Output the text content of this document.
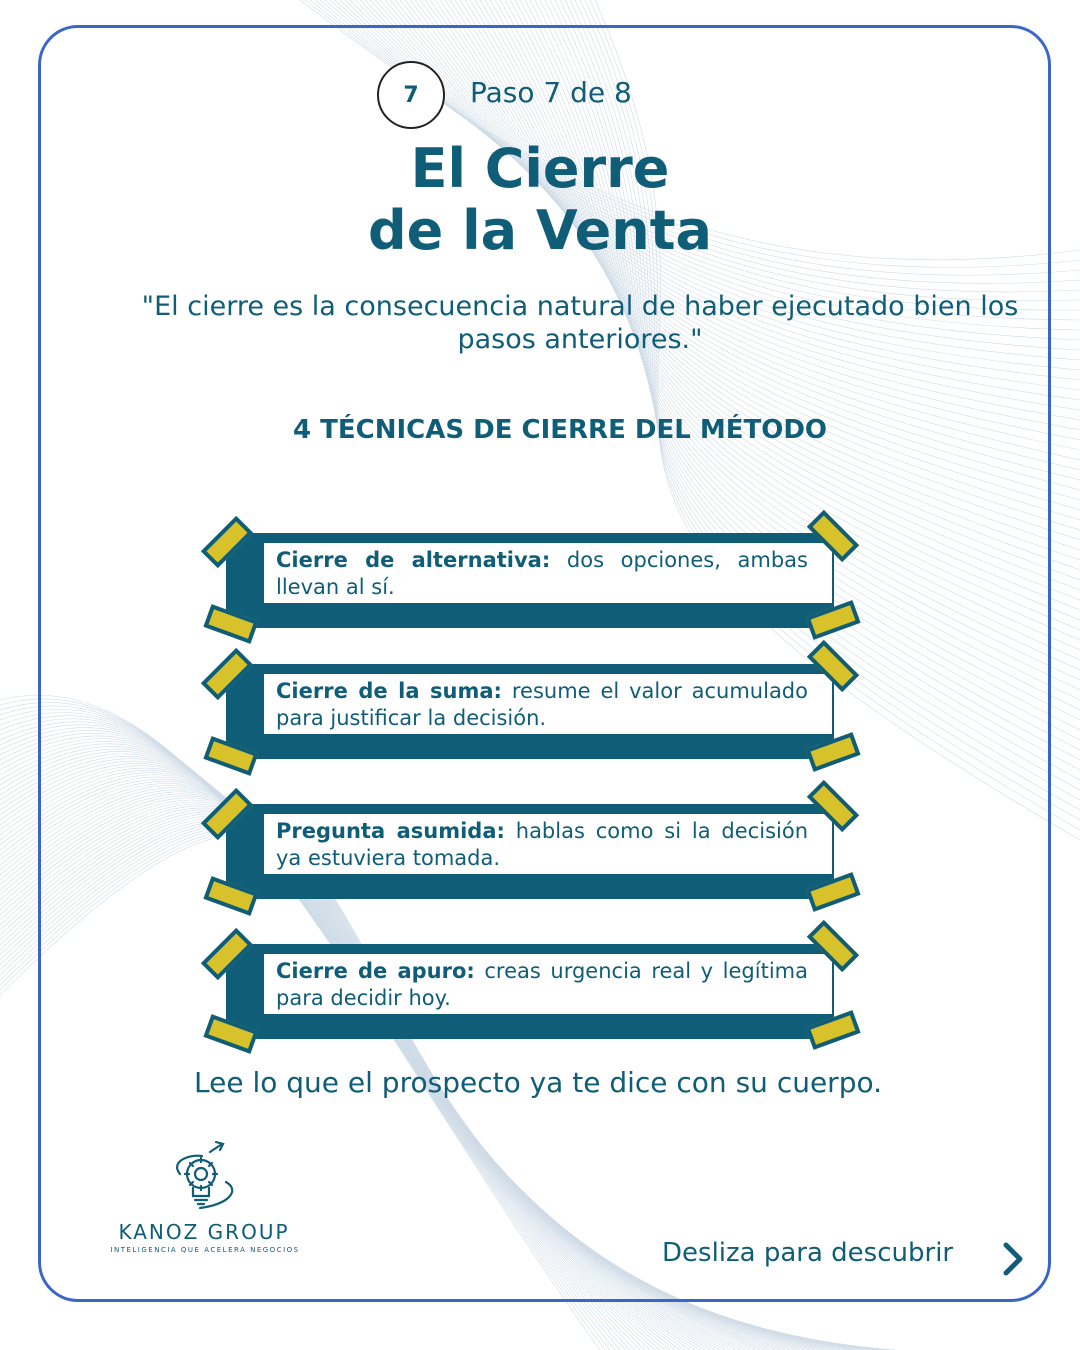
7	Paso 7 de 8
El Cierre
de la Venta
"El cierre es la consecuencia natural de haber ejecutado bien los pasos anteriores."
4 TÉCNICAS DE CIERRE DEL MÉTODO
Cierre de alternativa: dos opciones, ambas llevan al sí.
Cierre de la suma: resume el valor acumulado para justificar la decisión.
Pregunta asumida: hablas como si la decisión ya estuviera tomada.
Cierre de apuro: creas urgencia real y legítima para decidir hoy.
Lee lo que el prospecto ya te dice con su cuerpo.
KANOZ GROUP
INTELIGENCIA QUE ACELERA NEGOCIOS	Desliza para descubrir
